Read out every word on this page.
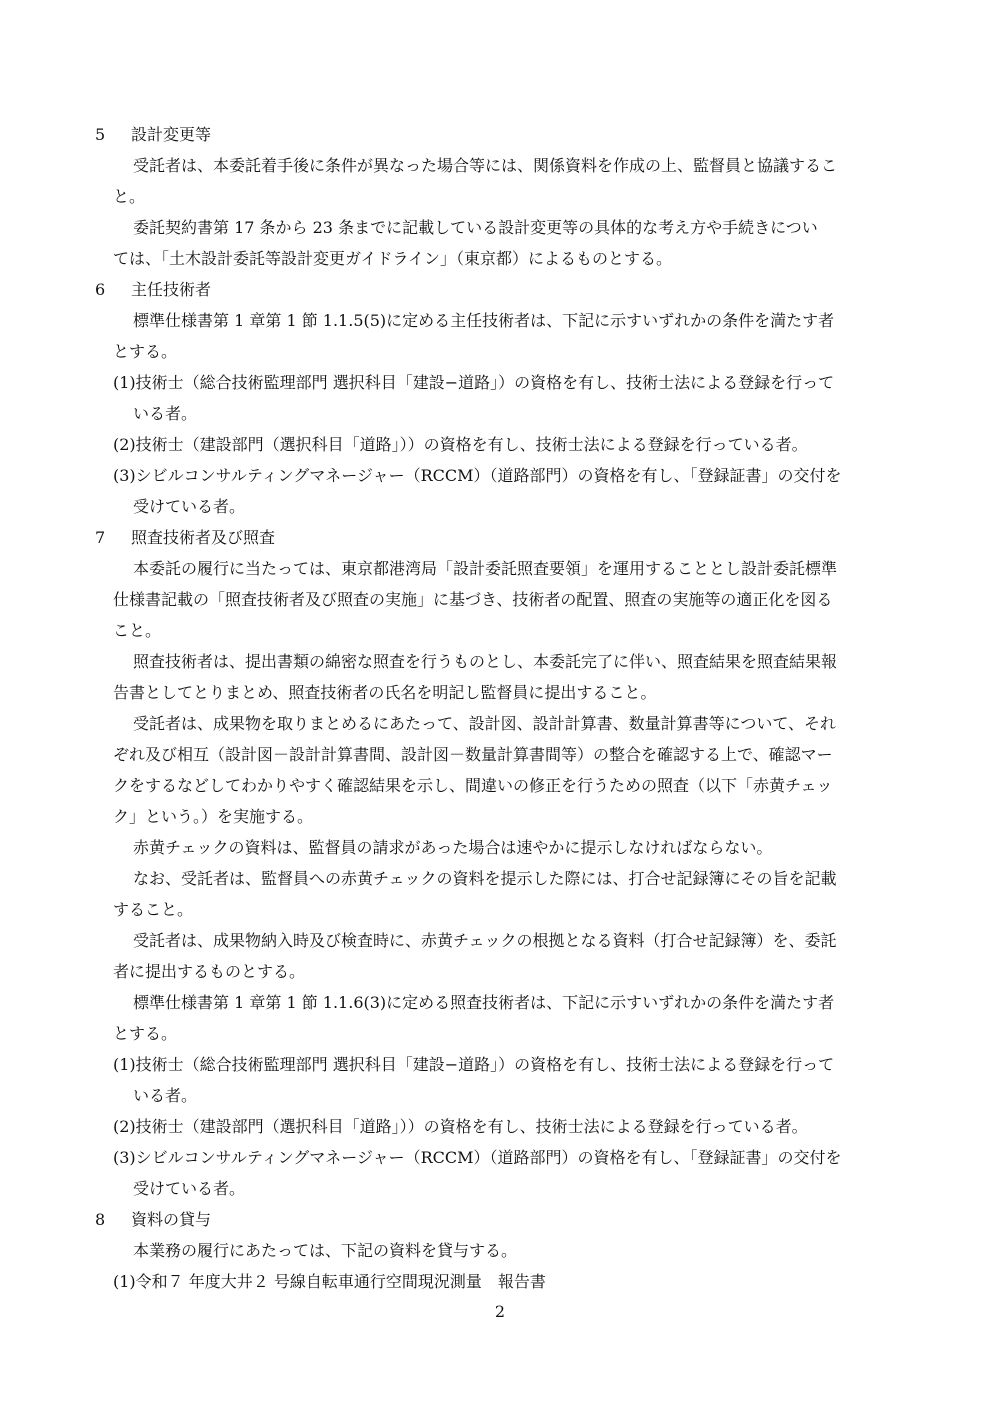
5 設計変更等
受託者は、本委託着手後に条件が異なった場合等には、関係資料を作成の上、監督員と協議するこ
と。
委託契約書第 17 条から 23 条までに記載している設計変更等の具体的な考え方や手続きについ
ては、「土木設計委託等設計変更ガイドライン」（東京都）によるものとする。
6 主任技術者
標準仕様書第 1 章第 1 節 1.1.5(5)に定める主任技術者は、下記に示すいずれかの条件を満たす者
とする。
(1)技術士（総合技術監理部門 選択科目「建設−道路」）の資格を有し、技術士法による登録を行って
いる者。
(2)技術士（建設部門（選択科目「道路」））の資格を有し、技術士法による登録を行っている者。
(3)シビルコンサルティングマネージャー（RCCM）（道路部門）の資格を有し、「登録証書」の交付を
受けている者。
7 照査技術者及び照査
本委託の履行に当たっては、東京都港湾局「設計委託照査要領」を運用することとし設計委託標準
仕様書記載の「照査技術者及び照査の実施」に基づき、技術者の配置、照査の実施等の適正化を図る
こと。
照査技術者は、提出書類の綿密な照査を行うものとし、本委託完了に伴い、照査結果を照査結果報
告書としてとりまとめ、照査技術者の氏名を明記し監督員に提出すること。
受託者は、成果物を取りまとめるにあたって、設計図、設計計算書、数量計算書等について、それ
ぞれ及び相互（設計図－設計計算書間、設計図－数量計算書間等）の整合を確認する上で、確認マー
クをするなどしてわかりやすく確認結果を示し、間違いの修正を行うための照査（以下「赤黄チェッ
ク」という。）を実施する。
赤黄チェックの資料は、監督員の請求があった場合は速やかに提示しなければならない。
なお、受託者は、監督員への赤黄チェックの資料を提示した際には、打合せ記録簿にその旨を記載
すること。
受託者は、成果物納入時及び検査時に、赤黄チェックの根拠となる資料（打合せ記録簿）を、委託
者に提出するものとする。
標準仕様書第 1 章第 1 節 1.1.6(3)に定める照査技術者は、下記に示すいずれかの条件を満たす者
とする。
(1)技術士（総合技術監理部門 選択科目「建設−道路」）の資格を有し、技術士法による登録を行って
いる者。
(2)技術士（建設部門（選択科目「道路」））の資格を有し、技術士法による登録を行っている者。
(3)シビルコンサルティングマネージャー（RCCM）（道路部門）の資格を有し、「登録証書」の交付を
受けている者。
8 資料の貸与
本業務の履行にあたっては、下記の資料を貸与する。
(1)令和７ 年度大井２ 号線自転車通行空間現況測量　報告書
2
